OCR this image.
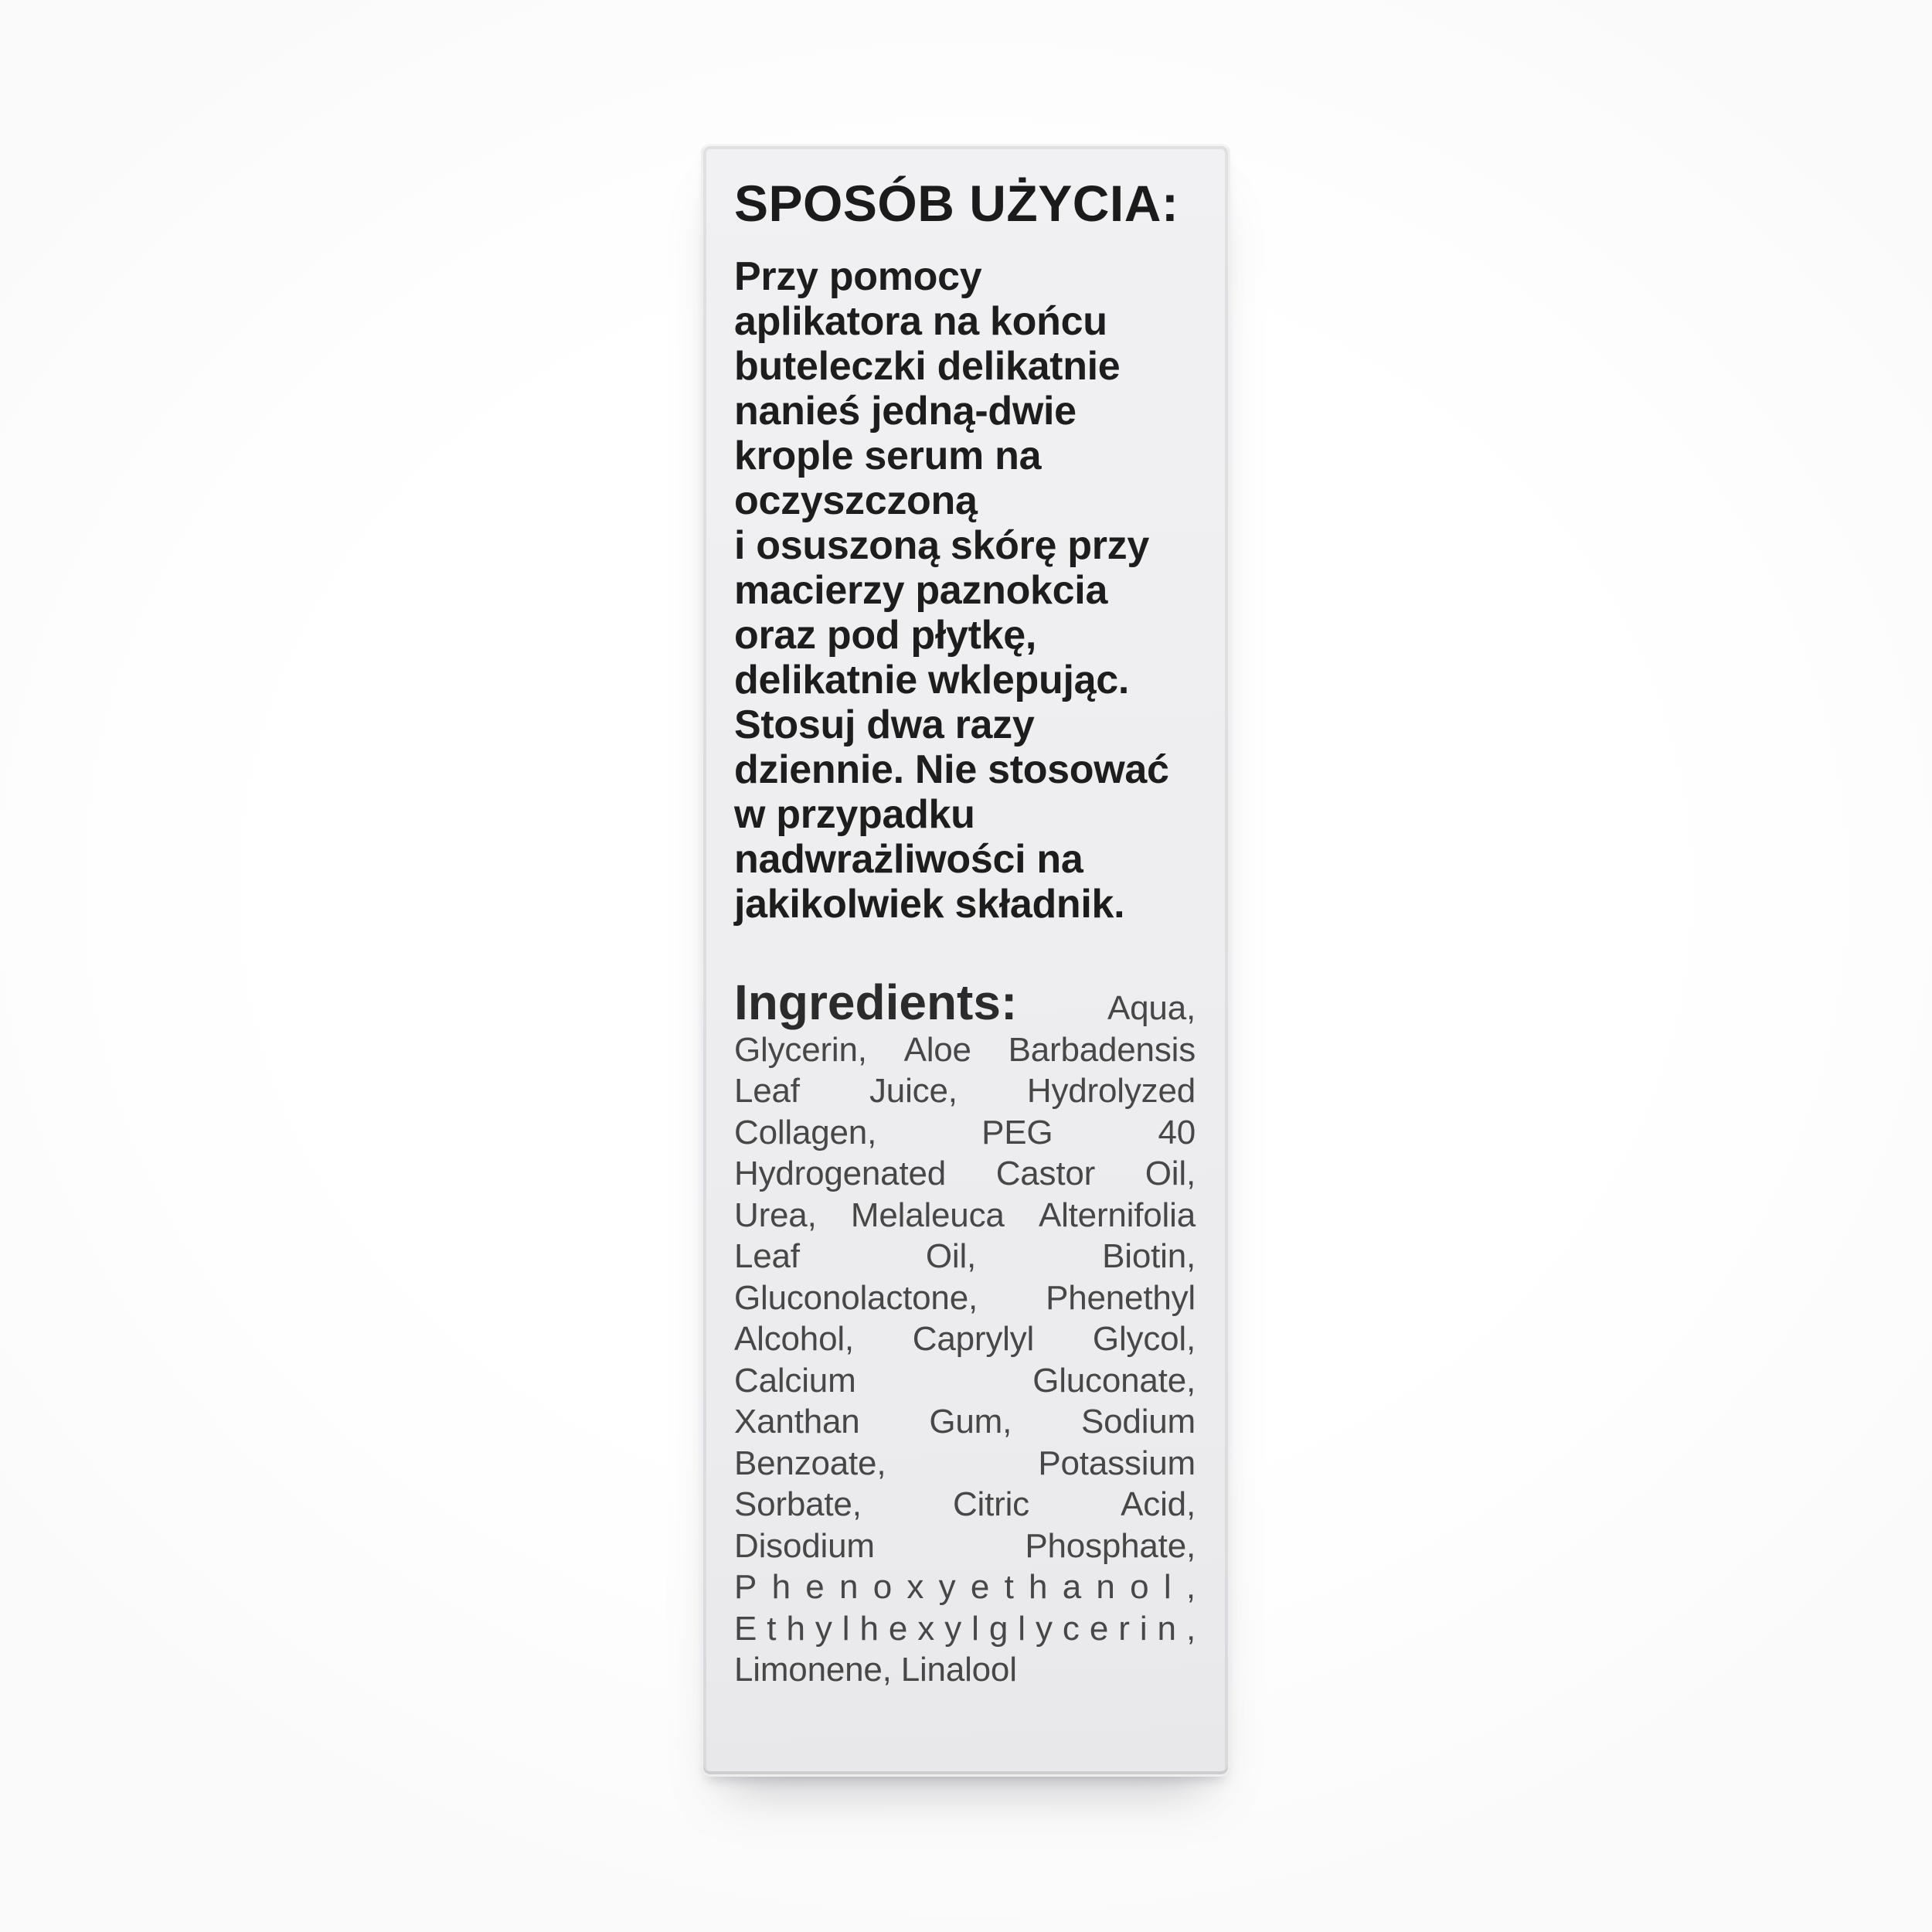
SPOSÓB UŻYCIA:
Przy pomocy
aplikatora na końcu
buteleczki delikatnie
nanieś jedną-dwie
krople serum na
oczyszczoną
i osuszoną skórę przy
macierzy paznokcia
oraz pod płytkę,
delikatnie wklepując.
Stosuj dwa razy
dziennie. Nie stosować
w przypadku
nadwrażliwości na
jakikolwiek składnik.
Ingredients:	Aqua,
Glycerin, Aloe Barbadensis
Leaf Juice, Hydrolyzed
Collagen,	PEG	40
Hydrogenated Castor Oil,
Urea, Melaleuca Alternifolia
Leaf	Oil,	Biotin,
Gluconolactone, Phenethyl
Alcohol, Caprylyl Glycol,
Calcium	Gluconate,
Xanthan Gum, Sodium
Benzoate,	Potassium
Sorbate,	Citric	Acid,
Disodium	Phosphate,
P h e n o x y e t h a n o l ,
E t h y l h e x y l g l y c e r i n ,
Limonene, Linalool
